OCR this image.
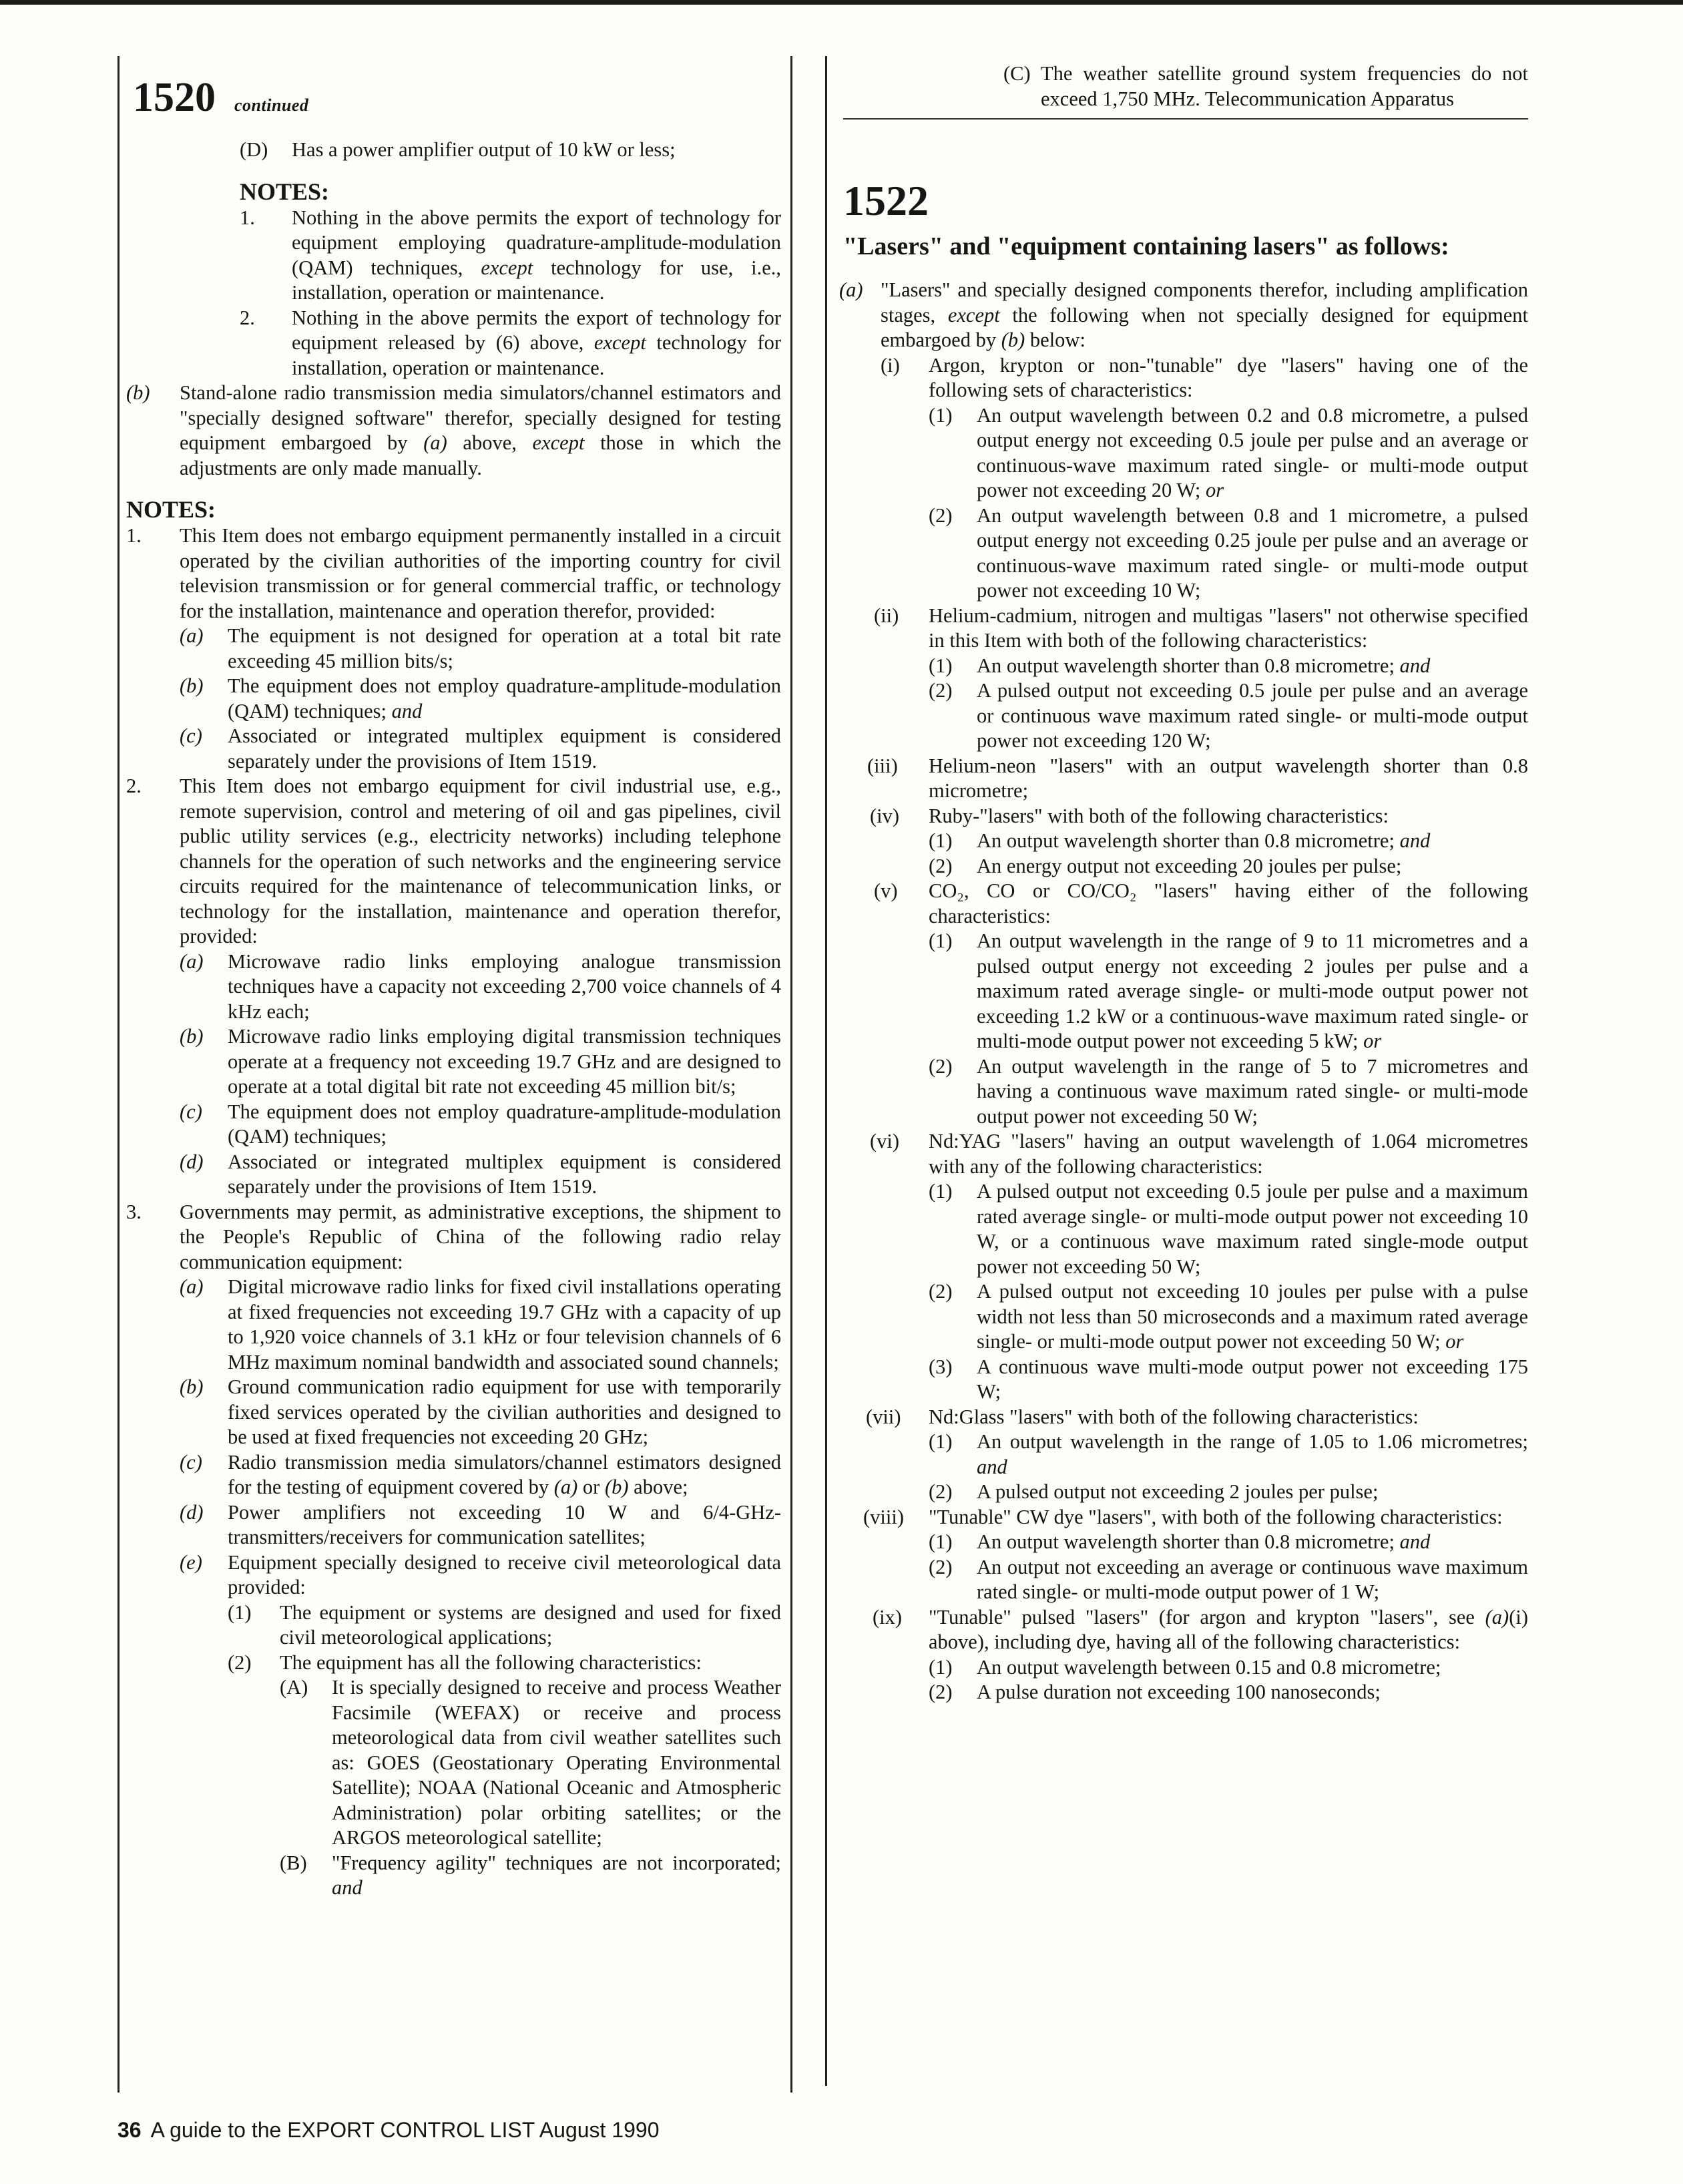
1520 continued
(D)	Has a power amplifier output of 10 kW or less;
NOTES:
1.	Nothing in the above permits the export of technology for equipment employing quadrature-amplitude-modulation (QAM) techniques, except technology for use, i.e., installation, operation or maintenance.
2.	Nothing in the above permits the export of technology for equipment released by (6) above, except technology for installation, operation or maintenance.
(b)	Stand-alone radio transmission media simulators/channel estimators and "specially designed software" therefor, specially designed for testing equipment embargoed by (a) above, except those in which the adjustments are only made manually.
NOTES:
1.	This Item does not embargo equipment permanently installed in a circuit operated by the civilian authorities of the importing country for civil television transmission or for general commercial traffic, or technology for the installation, maintenance and operation therefor, provided:
(a)	The equipment is not designed for operation at a total bit rate exceeding 45 million bits/s;
(b)	The equipment does not employ quadrature-amplitude-modulation (QAM) techniques; and
(c)	Associated or integrated multiplex equipment is considered separately under the provisions of Item 1519.
2.	This Item does not embargo equipment for civil industrial use, e.g., remote supervision, control and metering of oil and gas pipelines, civil public utility services (e.g., electricity networks) including telephone channels for the operation of such networks and the engineering service circuits required for the maintenance of telecommunication links, or technology for the installation, maintenance and operation therefor, provided:
(a)	Microwave radio links employing analogue transmission techniques have a capacity not exceeding 2,700 voice channels of 4 kHz each;
(b)	Microwave radio links employing digital transmission techniques operate at a frequency not exceeding 19.7 GHz and are designed to operate at a total digital bit rate not exceeding 45 million bit/s;
(c)	The equipment does not employ quadrature-amplitude-modulation (QAM) techniques;
(d)	Associated or integrated multiplex equipment is considered separately under the provisions of Item 1519.
3.	Governments may permit, as administrative exceptions, the shipment to the People's Republic of China of the following radio relay communication equipment:
(a)	Digital microwave radio links for fixed civil installations operating at fixed frequencies not exceeding 19.7 GHz with a capacity of up to 1,920 voice channels of 3.1 kHz or four television channels of 6 MHz maximum nominal bandwidth and associated sound channels;
(b)	Ground communication radio equipment for use with temporarily fixed services operated by the civilian authorities and designed to be used at fixed frequencies not exceeding 20 GHz;
(c)	Radio transmission media simulators/channel estimators designed for the testing of equipment covered by (a) or (b) above;
(d)	Power amplifiers not exceeding 10 W and 6/4-GHz-transmitters/receivers for communication satellites;
(e)	Equipment specially designed to receive civil meteorological data provided:
(1)	The equipment or systems are designed and used for fixed civil meteorological applications;
(2)	The equipment has all the following characteristics:
(A)	It is specially designed to receive and process Weather Facsimile (WEFAX) or receive and process meteorological data from civil weather satellites such as: GOES (Geostationary Operating Environmental Satellite); NOAA (National Oceanic and Atmospheric Administration) polar orbiting satellites; or the ARGOS meteorological satellite;
(B)	"Frequency agility" techniques are not incorporated; and
(C) The weather satellite ground system frequencies do not exceed 1,750 MHz. Telecommunication Apparatus
1522
"Lasers" and "equipment containing lasers" as follows:
(a) "Lasers" and specially designed components therefor, including amplification stages, except the following when not specially designed for equipment embargoed by (b) below:
(i)	Argon, krypton or non-"tunable" dye "lasers" having one of the following sets of characteristics:
(1)	An output wavelength between 0.2 and 0.8 micrometre, a pulsed output energy not exceeding 0.5 joule per pulse and an average or continuous-wave maximum rated single- or multi-mode output power not exceeding 20 W; or
(2)	An output wavelength between 0.8 and 1 micrometre, a pulsed output energy not exceeding 0.25 joule per pulse and an average or continuous-wave maximum rated single- or multi-mode output power not exceeding 10 W;
(ii)	Helium-cadmium, nitrogen and multigas "lasers" not otherwise specified in this Item with both of the following characteristics:
(1)	An output wavelength shorter than 0.8 micrometre; and
(2)	A pulsed output not exceeding 0.5 joule per pulse and an average or continuous wave maximum rated single- or multi-mode output power not exceeding 120 W;
(iii)	Helium-neon "lasers" with an output wavelength shorter than 0.8 micrometre;
(iv)	Ruby-"lasers" with both of the following characteristics:
(1)	An output wavelength shorter than 0.8 micrometre; and
(2)	An energy output not exceeding 20 joules per pulse;
(v)	CO₂, CO or CO/CO₂ "lasers" having either of the following characteristics:
(1)	An output wavelength in the range of 9 to 11 micrometres and a pulsed output energy not exceeding 2 joules per pulse and a maximum rated average single- or multi-mode output power not exceeding 1.2 kW or a continuous-wave maximum rated single- or multi-mode output power not exceeding 5 kW; or
(2)	An output wavelength in the range of 5 to 7 micrometres and having a continuous wave maximum rated single- or multi-mode output power not exceeding 50 W;
(vi)	Nd:YAG "lasers" having an output wavelength of 1.064 micrometres with any of the following characteristics:
(1)	A pulsed output not exceeding 0.5 joule per pulse and a maximum rated average single- or multi-mode output power not exceeding 10 W, or a continuous wave maximum rated single-mode output power not exceeding 50 W;
(2)	A pulsed output not exceeding 10 joules per pulse with a pulse width not less than 50 microseconds and a maximum rated average single- or multi-mode output power not exceeding 50 W; or
(3)	A continuous wave multi-mode output power not exceeding 175 W;
(vii)	Nd:Glass "lasers" with both of the following characteristics:
(1)	An output wavelength in the range of 1.05 to 1.06 micrometres; and
(2)	A pulsed output not exceeding 2 joules per pulse;
(viii)	"Tunable" CW dye "lasers", with both of the following characteristics:
(1)	An output wavelength shorter than 0.8 micrometre; and
(2)	An output not exceeding an average or continuous wave maximum rated single- or multi-mode output power of 1 W;
(ix)	"Tunable" pulsed "lasers" (for argon and krypton "lasers", see (a)(i) above), including dye, having all of the following characteristics:
(1)	An output wavelength between 0.15 and 0.8 micrometre;
(2)	A pulse duration not exceeding 100 nanoseconds;
36 A guide to the EXPORT CONTROL LIST August 1990
